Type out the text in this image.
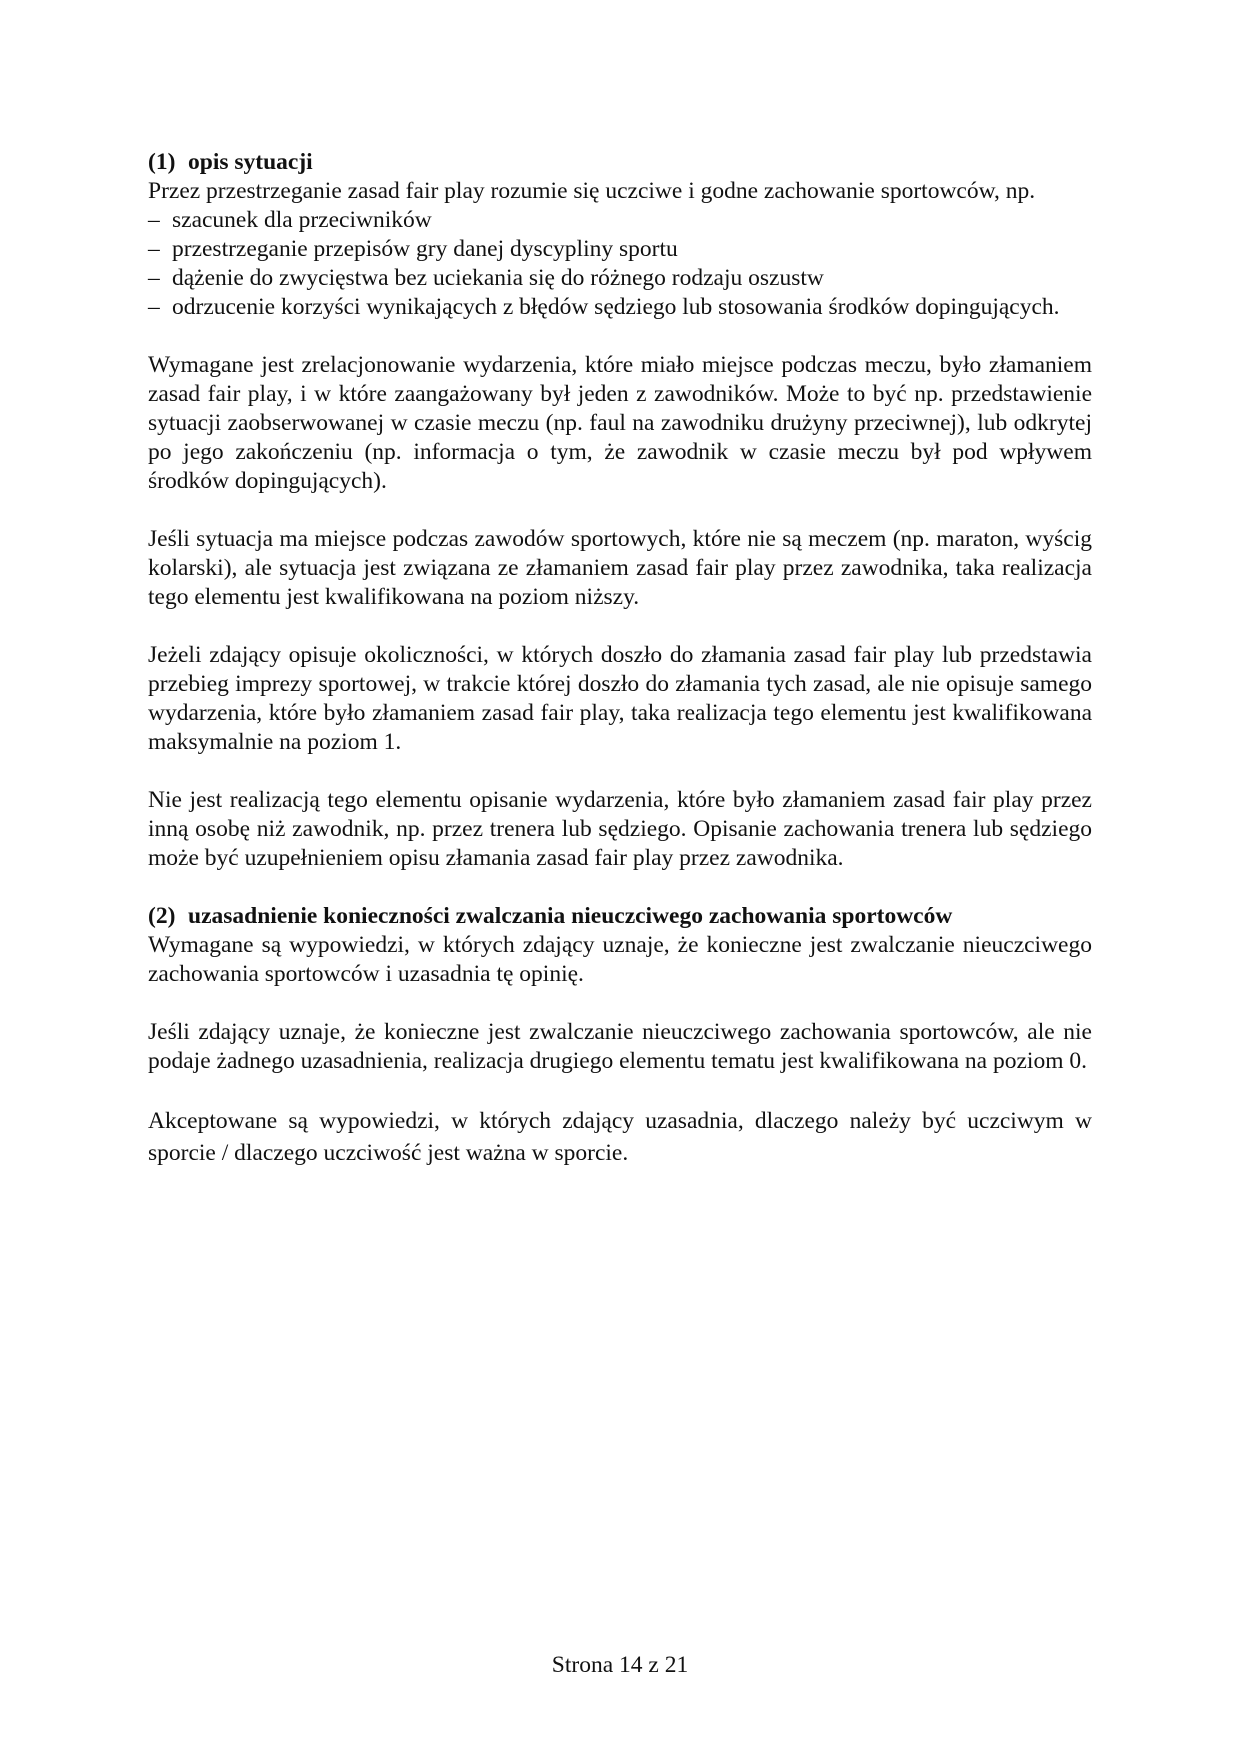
(1) opis sytuacji

Przez przestrzeganie zasad fair play rozumie się uczciwe i godne zachowanie sportowców, np.

– szacunek dla przeciwników
– przestrzeganie przepisów gry danej dyscypliny sportu
– dążenie do zwycięstwa bez uciekania się do różnego rodzaju oszustw
– odrzucenie korzyści wynikających z błędów sędziego lub stosowania środków dopingujących.

Wymagane jest zrelacjonowanie wydarzenia, które miało miejsce podczas meczu, było złamaniem zasad fair play, i w które zaangażowany był jeden z zawodników. Może to być np. przedstawienie sytuacji zaobserwowanej w czasie meczu (np. faul na zawodniku drużyny przeciwnej), lub odkrytej po jego zakończeniu (np. informacja o tym, że zawodnik w czasie meczu był pod wpływem środków dopingujących).

Jeśli sytuacja ma miejsce podczas zawodów sportowych, które nie są meczem (np. maraton, wyścig kolarski), ale sytuacja jest związana ze złamaniem zasad fair play przez zawodnika, taka realizacja tego elementu jest kwalifikowana na poziom niższy.

Jeżeli zdający opisuje okoliczności, w których doszło do złamania zasad fair play lub przedstawia przebieg imprezy sportowej, w trakcie której doszło do złamania tych zasad, ale nie opisuje samego wydarzenia, które było złamaniem zasad fair play, taka realizacja tego elementu jest kwalifikowana maksymalnie na poziom 1.

Nie jest realizacją tego elementu opisanie wydarzenia, które było złamaniem zasad fair play przez inną osobę niż zawodnik, np. przez trenera lub sędziego. Opisanie zachowania trenera lub sędziego może być uzupełnieniem opisu złamania zasad fair play przez zawodnika.

(2) uzasadnienie konieczności zwalczania nieuczciwego zachowania sportowców

Wymagane są wypowiedzi, w których zdający uznaje, że konieczne jest zwalczanie nieuczciwego zachowania sportowców i uzasadnia tę opinię.

Jeśli zdający uznaje, że konieczne jest zwalczanie nieuczciwego zachowania sportowców, ale nie podaje żadnego uzasadnienia, realizacja drugiego elementu tematu jest kwalifikowana na poziom 0.

Akceptowane są wypowiedzi, w których zdający uzasadnia, dlaczego należy być uczciwym w sporcie / dlaczego uczciwość jest ważna w sporcie.

Strona 14 z 21
